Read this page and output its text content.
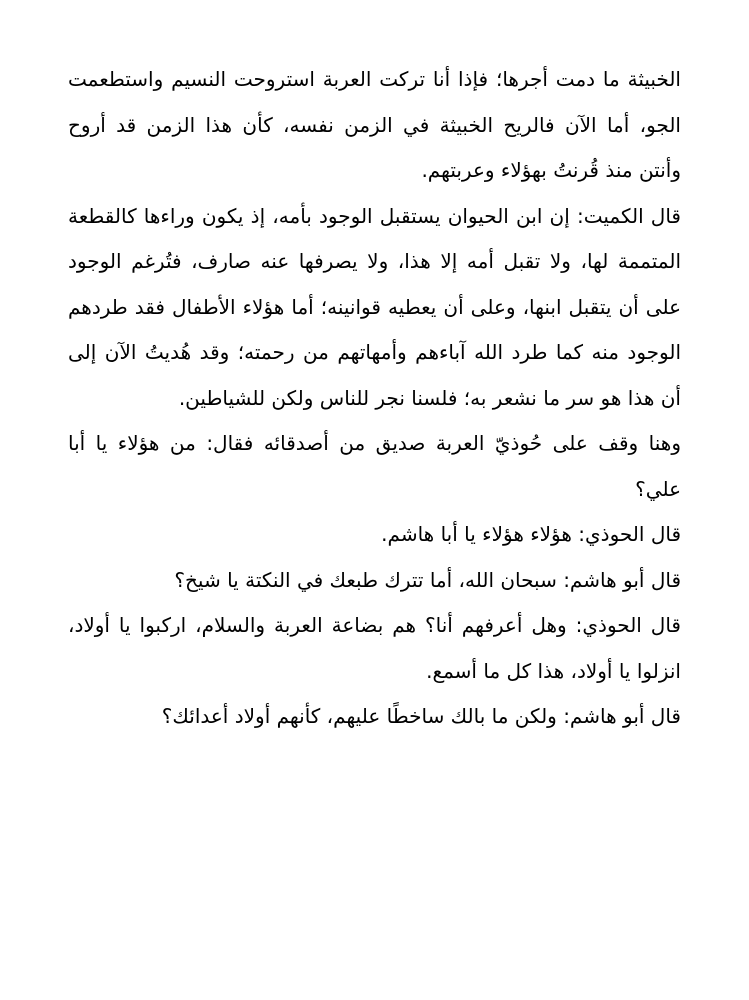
الخبيثة ما دمت أجرها؛ فإذا أنا تركت العربة استروحت النسيم واستطعمت الجو، أما الآن فالريح الخبيثة في الزمن نفسه، كأن هذا الزمن قد أروح وأنتن منذ قُرنتُ بهؤلاء وعربتهم.

قال الكميت: إن ابن الحيوان يستقبل الوجود بأمه، إذ يكون وراءها كالقطعة المتممة لها، ولا تقبل أمه إلا هذا، ولا يصرفها عنه صارف، فتُرغم الوجود على أن يتقبل ابنها، وعلى أن يعطيه قوانينه؛ أما هؤلاء الأطفال فقد طردهم الوجود منه كما طرد الله آباءهم وأمهاتهم من رحمته؛ وقد هُديتُ الآن إلى أن هذا هو سر ما نشعر به؛ فلسنا نجر للناس ولكن للشياطين.

وهنا وقف على حُوذيّ العربة صديق من أصدقائه فقال: من هؤلاء يا أبا علي؟

قال الحوذي: هؤلاء هؤلاء يا أبا هاشم.

قال أبو هاشم: سبحان الله، أما تترك طبعك في النكتة يا شيخ؟

قال الحوذي: وهل أعرفهم أنا؟ هم بضاعة العربة والسلام، اركبوا يا أولاد، انزلوا يا أولاد، هذا كل ما أسمع.

قال أبو هاشم: ولكن ما بالك ساخطًا عليهم، كأنهم أولاد أعدائك؟
